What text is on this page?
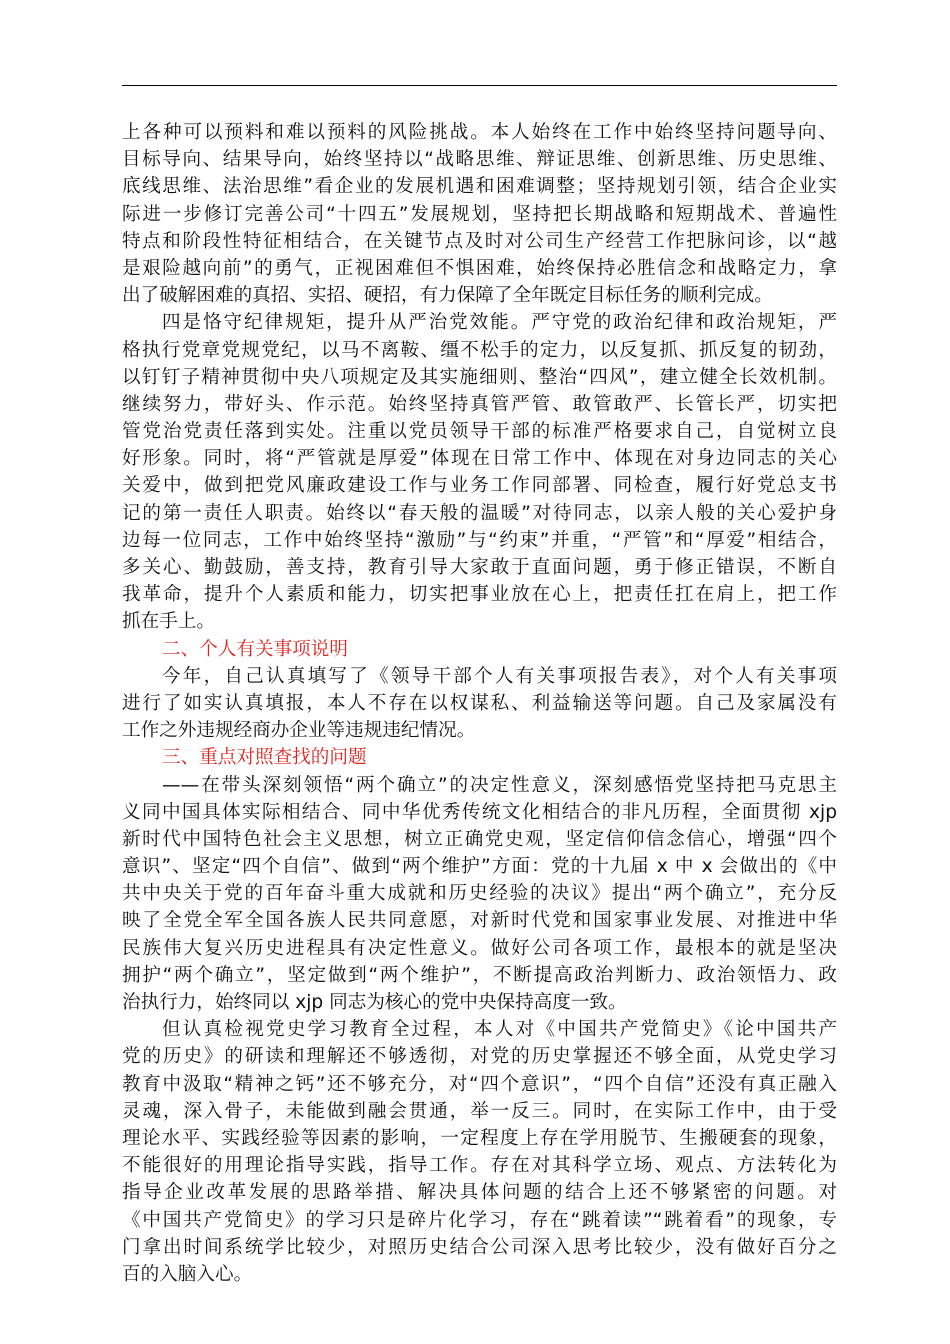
上各种可以预料和难以预料的风险挑战。本人始终在工作中始终坚持问题导向、
目标导向、结果导向，始终坚持以“战略思维、辩证思维、创新思维、历史思维、
底线思维、法治思维”看企业的发展机遇和困难调整；坚持规划引领，结合企业实
际进一步修订完善公司“十四五”发展规划，坚持把长期战略和短期战术、普遍性
特点和阶段性特征相结合，在关键节点及时对公司生产经营工作把脉问诊，以“越
是艰险越向前”的勇气，正视困难但不惧困难，始终保持必胜信念和战略定力，拿
出了破解困难的真招、实招、硬招，有力保障了全年既定目标任务的顺利完成。
四是恪守纪律规矩，提升从严治党效能。严守党的政治纪律和政治规矩，严
格执行党章党规党纪，以马不离鞍、缰不松手的定力，以反复抓、抓反复的韧劲，
以钉钉子精神贯彻中央八项规定及其实施细则、整治“四风”，建立健全长效机制。
继续努力，带好头、作示范。始终坚持真管严管、敢管敢严、长管长严，切实把
管党治党责任落到实处。注重以党员领导干部的标准严格要求自己，自觉树立良
好形象。同时，将“严管就是厚爱”体现在日常工作中、体现在对身边同志的关心
关爱中，做到把党风廉政建设工作与业务工作同部署、同检查，履行好党总支书
记的第一责任人职责。始终以“春天般的温暖”对待同志，以亲人般的关心爱护身
边每一位同志，工作中始终坚持“激励”与“约束”并重，“严管”和“厚爱”相结合，
多关心、勤鼓励，善支持，教育引导大家敢于直面问题，勇于修正错误，不断自
我革命，提升个人素质和能力，切实把事业放在心上，把责任扛在肩上，把工作
抓在手上。
二、个人有关事项说明
今年，自己认真填写了《领导干部个人有关事项报告表》，对个人有关事项
进行了如实认真填报，本人不存在以权谋私、利益输送等问题。自己及家属没有
工作之外违规经商办企业等违规违纪情况。
三、重点对照查找的问题
——在带头深刻领悟“两个确立”的决定性意义，深刻感悟党坚持把马克思主
义同中国具体实际相结合、同中华优秀传统文化相结合的非凡历程，全面贯彻 xjp
新时代中国特色社会主义思想，树立正确党史观，坚定信仰信念信心，增强“四个
意识”、坚定“四个自信”、做到“两个维护”方面：党的十九届 x 中 x 会做出的《中
共中央关于党的百年奋斗重大成就和历史经验的决议》提出“两个确立”，充分反
映了全党全军全国各族人民共同意愿，对新时代党和国家事业发展、对推进中华
民族伟大复兴历史进程具有决定性意义。做好公司各项工作，最根本的就是坚决
拥护“两个确立”，坚定做到“两个维护”，不断提高政治判断力、政治领悟力、政
治执行力，始终同以 xjp 同志为核心的党中央保持高度一致。
但认真检视党史学习教育全过程，本人对《中国共产党简史》《论中国共产
党的历史》的研读和理解还不够透彻，对党的历史掌握还不够全面，从党史学习
教育中汲取“精神之钙”还不够充分，对“四个意识”，“四个自信”还没有真正融入
灵魂，深入骨子，未能做到融会贯通，举一反三。同时，在实际工作中，由于受
理论水平、实践经验等因素的影响，一定程度上存在学用脱节、生搬硬套的现象，
不能很好的用理论指导实践，指导工作。存在对其科学立场、观点、方法转化为
指导企业改革发展的思路举措、解决具体问题的结合上还不够紧密的问题。对
《中国共产党简史》的学习只是碎片化学习，存在“跳着读”“跳着看”的现象，专
门拿出时间系统学比较少，对照历史结合公司深入思考比较少，没有做好百分之
百的入脑入心。
